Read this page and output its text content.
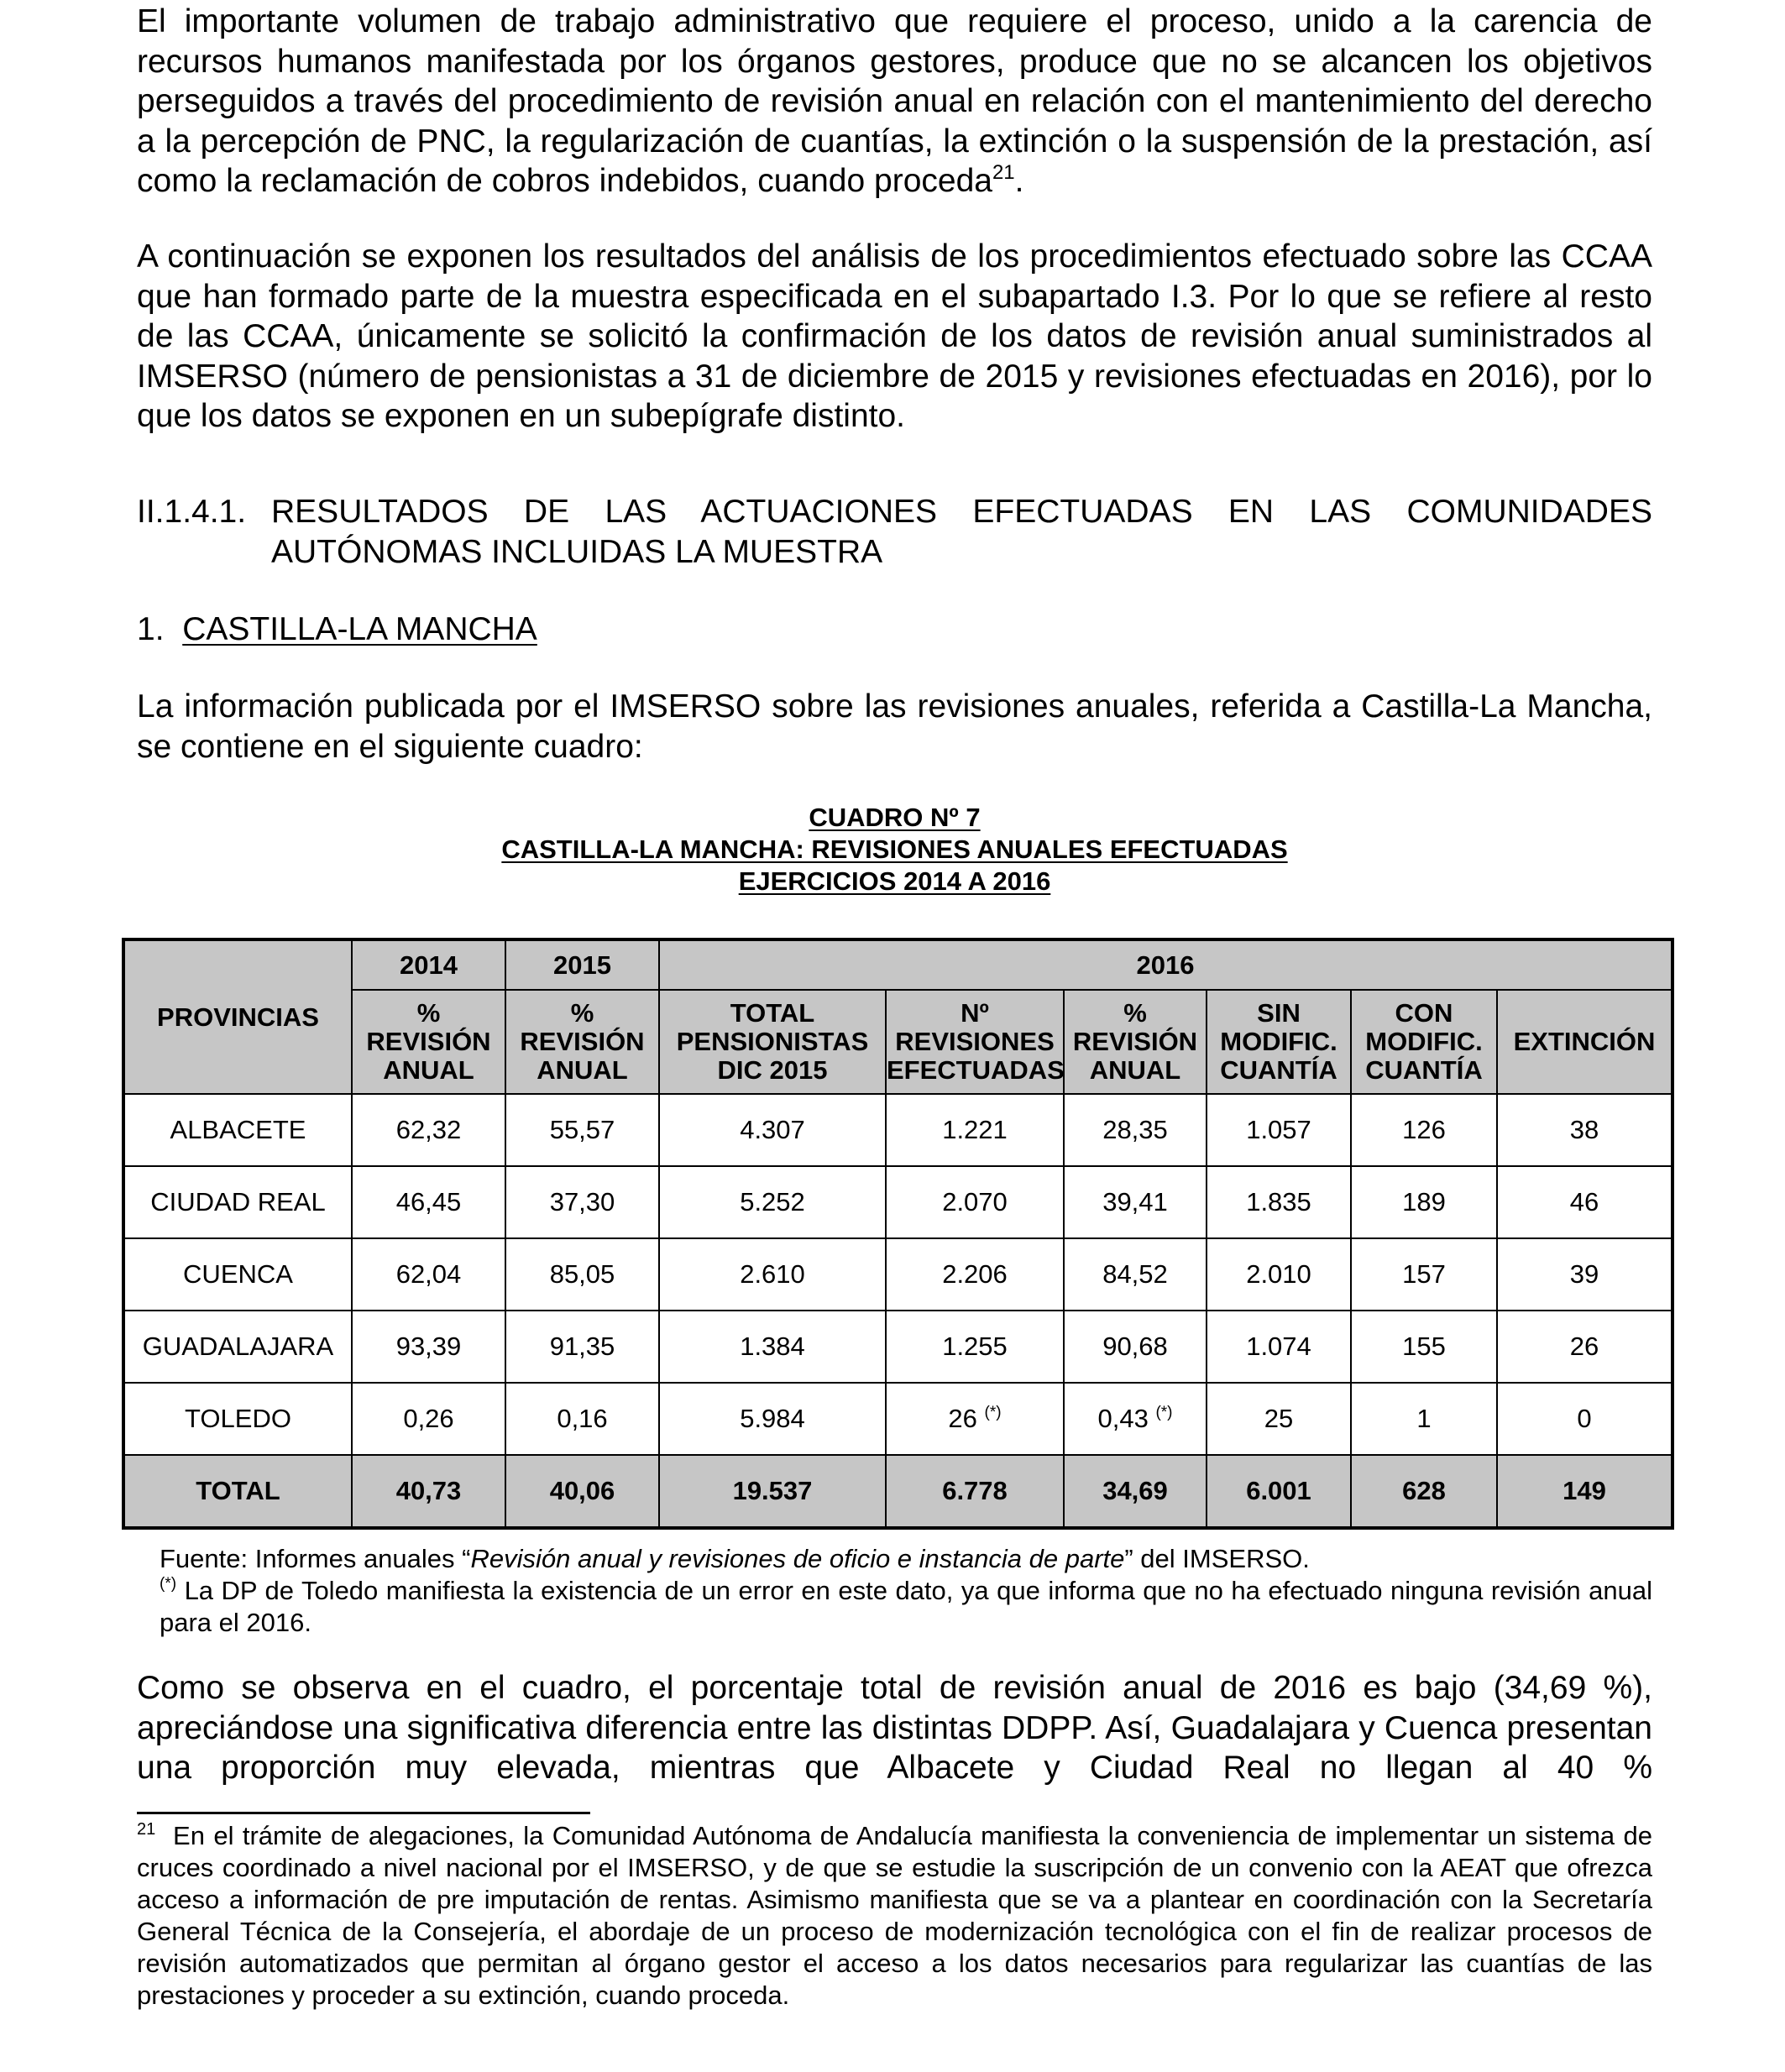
El importante volumen de trabajo administrativo que requiere el proceso, unido a la carencia de recursos humanos manifestada por los órganos gestores, produce que no se alcancen los objetivos perseguidos a través del procedimiento de revisión anual en relación con el mantenimiento del derecho a la percepción de PNC, la regularización de cuantías, la extinción o la suspensión de la prestación, así como la reclamación de cobros indebidos, cuando proceda$^{21}$.

A continuación se exponen los resultados del análisis de los procedimientos efectuado sobre las CCAA que han formado parte de la muestra especificada en el subapartado I.3. Por lo que se refiere al resto de las CCAA, únicamente se solicitó la confirmación de los datos de revisión anual suministrados al IMSERSO (número de pensionistas a 31 de diciembre de 2015 y revisiones efectuadas en 2016), por lo que los datos se exponen en un subepígrafe distinto.

II.1.4.1. RESULTADOS DE LAS ACTUACIONES EFECTUADAS EN LAS COMUNIDADES
AUTÓNOMAS INCLUIDAS LA MUESTRA
1. CASTILLA-LA MANCHA

La información publicada por el IMSERSO sobre las revisiones anuales, referida a Castilla-La Mancha, se contiene en el siguiente cuadro:

CUADRO Nº 7
CASTILLA-LA MANCHA: REVISIONES ANUALES EFECTUADAS
EJERCICIOS 2014 A 2016
PROVINCIAS	2014	2015	2016					
	%
REVISIÓN
ANUAL	%
REVISIÓN
ANUAL	TOTAL
PENSIONISTAS
DIC 2015	Nº
REVISIONES
EFECTUADAS	%
REVISIÓN
ANUAL	SIN
MODIFIC.
CUANTÍA	CON
MODIFIC.
CUANTÍA	EXTINCIÓN
ALBACETE	62,32	55,57	4.307	1.221	28,35	1.057	126	38
CIUDAD REAL	46,45	37,30	5.252	2.070	39,41	1.835	189	46
CUENCA	62,04	85,05	2.610	2.206	84,52	2.010	157	39
GUADALAJARA	93,39	91,35	1.384	1.255	90,68	1.074	155	26
TOLEDO	0,26	0,16	5.984	26 (*)	0,43 (*)	25	1	0
TOTAL	40,73	40,06	19.537	6.778	34,69	6.001	628	149
Fuente: Informes anuales “Revisión anual y revisiones de oficio e instancia de parte” del IMSERSO.
(*) La DP de Toledo manifiesta la existencia de un error en este dato, ya que informa que no ha efectuado ninguna revisión anual para el 2016.

Como se observa en el cuadro, el porcentaje total de revisión anual de 2016 es bajo (34,69 %), apreciándose una significativa diferencia entre las distintas DDPP. Así, Guadalajara y Cuenca presentan una proporción muy elevada, mientras que Albacete y Ciudad Real no llegan al 40 %

$^{21}$ En el trámite de alegaciones, la Comunidad Autónoma de Andalucía manifiesta la conveniencia de implementar un sistema de cruces coordinado a nivel nacional por el IMSERSO, y de que se estudie la suscripción de un convenio con la AEAT que ofrezca acceso a información de pre imputación de rentas. Asimismo manifiesta que se va a plantear en coordinación con la Secretaría General Técnica de la Consejería, el abordaje de un proceso de modernización tecnológica con el fin de realizar procesos de revisión automatizados que permitan al órgano gestor el acceso a los datos necesarios para regularizar las cuantías de las prestaciones y proceder a su extinción, cuando proceda.
